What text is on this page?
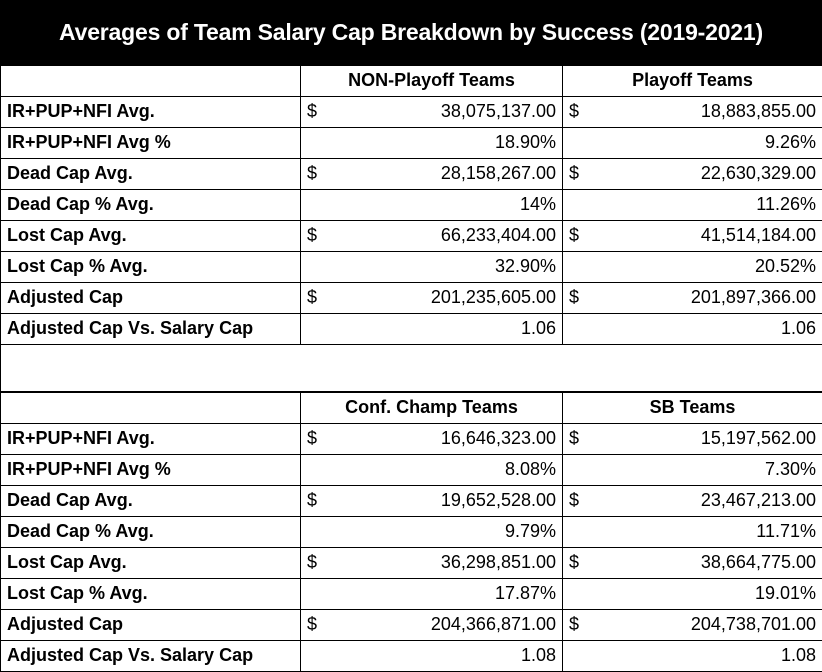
Averages of Team Salary Cap Breakdown by Success (2019-2021)
	NON-Playoff Teams		Playoff Teams	
IR+PUP+NFI Avg.	$	38,075,137.00	$	18,883,855.00
IR+PUP+NFI Avg %	18.90%		9.26%	
Dead Cap Avg.	$	28,158,267.00	$	22,630,329.00
Dead Cap % Avg.	14%		11.26%	
Lost Cap Avg.	$	66,233,404.00	$	41,514,184.00
Lost Cap % Avg.	32.90%		20.52%	
Adjusted Cap	$	201,235,605.00	$	201,897,366.00
Adjusted Cap Vs. Salary Cap	1.06		1.06	

	Conf. Champ Teams		SB Teams	
IR+PUP+NFI Avg.	$	16,646,323.00	$	15,197,562.00
IR+PUP+NFI Avg %	8.08%		7.30%	
Dead Cap Avg.	$	19,652,528.00	$	23,467,213.00
Dead Cap % Avg.	9.79%		11.71%	
Lost Cap Avg.	$	36,298,851.00	$	38,664,775.00
Lost Cap % Avg.	17.87%		19.01%	
Adjusted Cap	$	204,366,871.00	$	204,738,701.00
Adjusted Cap Vs. Salary Cap	1.08		1.08	
